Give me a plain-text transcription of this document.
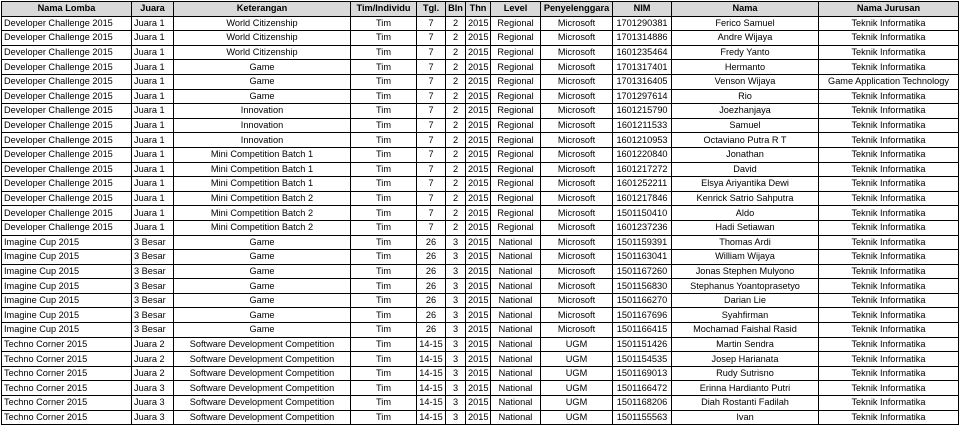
Nama Lomba	Juara	Keterangan	Tim/Individu	Tgl.	Bln	Thn	Level	Penyelenggara	NIM	Nama	Nama Jurusan
Developer Challenge 2015	Juara 1	World Citizenship	Tim	7	2	2015	Regional	Microsoft	1701290381	Ferico Samuel	Teknik Informatika
Developer Challenge 2015	Juara 1	World Citizenship	Tim	7	2	2015	Regional	Microsoft	1701314886	Andre Wijaya	Teknik Informatika
Developer Challenge 2015	Juara 1	World Citizenship	Tim	7	2	2015	Regional	Microsoft	1601235464	Fredy Yanto	Teknik Informatika
Developer Challenge 2015	Juara 1	Game	Tim	7	2	2015	Regional	Microsoft	1701317401	Hermanto	Teknik Informatika
Developer Challenge 2015	Juara 1	Game	Tim	7	2	2015	Regional	Microsoft	1701316405	Venson Wijaya	Game Application Technology
Developer Challenge 2015	Juara 1	Game	Tim	7	2	2015	Regional	Microsoft	1701297614	Rio	Teknik Informatika
Developer Challenge 2015	Juara 1	Innovation	Tim	7	2	2015	Regional	Microsoft	1601215790	Joezhanjaya	Teknik Informatika
Developer Challenge 2015	Juara 1	Innovation	Tim	7	2	2015	Regional	Microsoft	1601211533	Samuel	Teknik Informatika
Developer Challenge 2015	Juara 1	Innovation	Tim	7	2	2015	Regional	Microsoft	1601210953	Octaviano Putra R T	Teknik Informatika
Developer Challenge 2015	Juara 1	Mini Competition Batch 1	Tim	7	2	2015	Regional	Microsoft	1601220840	Jonathan	Teknik Informatika
Developer Challenge 2015	Juara 1	Mini Competition Batch 1	Tim	7	2	2015	Regional	Microsoft	1601217272	David	Teknik Informatika
Developer Challenge 2015	Juara 1	Mini Competition Batch 1	Tim	7	2	2015	Regional	Microsoft	1601252211	Elsya Ariyantika Dewi	Teknik Informatika
Developer Challenge 2015	Juara 1	Mini Competition Batch 2	Tim	7	2	2015	Regional	Microsoft	1601217846	Kenrick Satrio Sahputra	Teknik Informatika
Developer Challenge 2015	Juara 1	Mini Competition Batch 2	Tim	7	2	2015	Regional	Microsoft	1501150410	Aldo	Teknik Informatika
Developer Challenge 2015	Juara 1	Mini Competition Batch 2	Tim	7	2	2015	Regional	Microsoft	1601237236	Hadi Setiawan	Teknik Informatika
Imagine Cup 2015	3 Besar	Game	Tim	26	3	2015	National	Microsoft	1501159391	Thomas Ardi	Teknik Informatika
Imagine Cup 2015	3 Besar	Game	Tim	26	3	2015	National	Microsoft	1501163041	William Wijaya	Teknik Informatika
Imagine Cup 2015	3 Besar	Game	Tim	26	3	2015	National	Microsoft	1501167260	Jonas Stephen Mulyono	Teknik Informatika
Imagine Cup 2015	3 Besar	Game	Tim	26	3	2015	National	Microsoft	1501156830	Stephanus Yoantoprasetyo	Teknik Informatika
Imagine Cup 2015	3 Besar	Game	Tim	26	3	2015	National	Microsoft	1501166270	Darian Lie	Teknik Informatika
Imagine Cup 2015	3 Besar	Game	Tim	26	3	2015	National	Microsoft	1501167696	Syahfirman	Teknik Informatika
Imagine Cup 2015	3 Besar	Game	Tim	26	3	2015	National	Microsoft	1501166415	Mochamad Faishal Rasid	Teknik Informatika
Techno Corner 2015	Juara 2	Software Development Competition	Tim	14-15	3	2015	National	UGM	1501151426	Martin Sendra	Teknik Informatika
Techno Corner 2015	Juara 2	Software Development Competition	Tim	14-15	3	2015	National	UGM	1501154535	Josep Harianata	Teknik Informatika
Techno Corner 2015	Juara 2	Software Development Competition	Tim	14-15	3	2015	National	UGM	1501169013	Rudy Sutrisno	Teknik Informatika
Techno Corner 2015	Juara 3	Software Development Competition	Tim	14-15	3	2015	National	UGM	1501166472	Erinna Hardianto Putri	Teknik Informatika
Techno Corner 2015	Juara 3	Software Development Competition	Tim	14-15	3	2015	National	UGM	1501168206	Diah Rostanti Fadilah	Teknik Informatika
Techno Corner 2015	Juara 3	Software Development Competition	Tim	14-15	3	2015	National	UGM	1501155563	Ivan	Teknik Informatika
